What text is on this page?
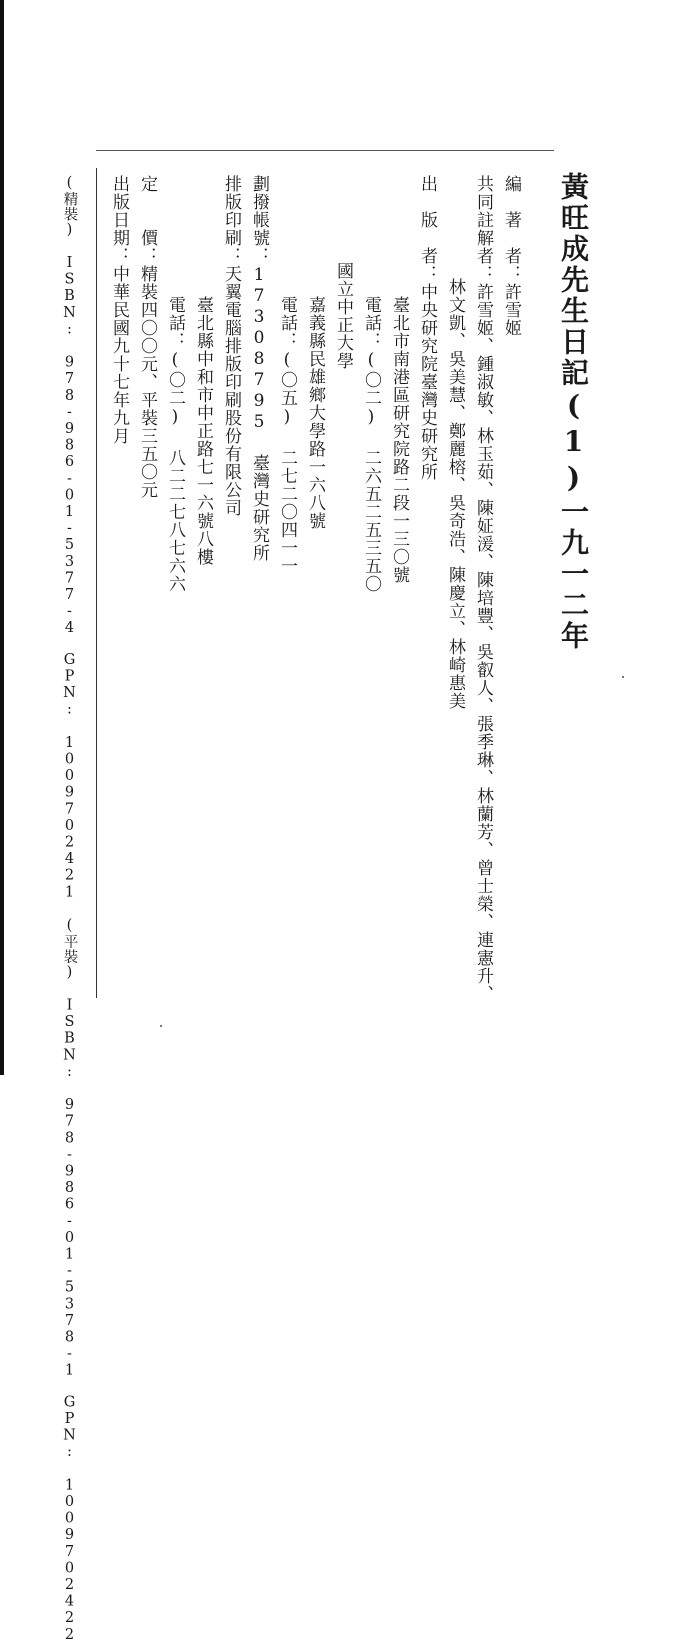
黃旺成先生日記(1)一九一二年
編　著　者：許雪姬
共同註解者：許雪姬、鍾淑敏、林玉茹、陳姃湲、陳培豐、吳叡人、張季琳、林蘭芳、曾士榮、連憲升、
林文凱、吳美慧、鄭麗榕、吳奇浩、陳慶立、林崎惠美
出　版　者：中央研究院臺灣史研究所
臺北市南港區研究院路二段一三〇號
電話：(〇二) 二六五二五三五〇
國立中正大學
嘉義縣民雄鄉大學路一六八號
電話：(〇五) 二七二〇四一一
劃撥帳號：17308795 臺灣史研究所
排版印刷：天翼電腦排版印刷股份有限公司
臺北縣中和市中正路七一六號八樓
電話：(〇二) 八二二七八七六六
定　　價：精裝四〇〇元、平裝三五〇元
出版日期：中華民國九十七年九月
(精裝) ISBN: 978-986-01-5377-4　GPN: 1009702421 (平裝) ISBN: 978-986-01-5378-1　GPN: 1009702422
